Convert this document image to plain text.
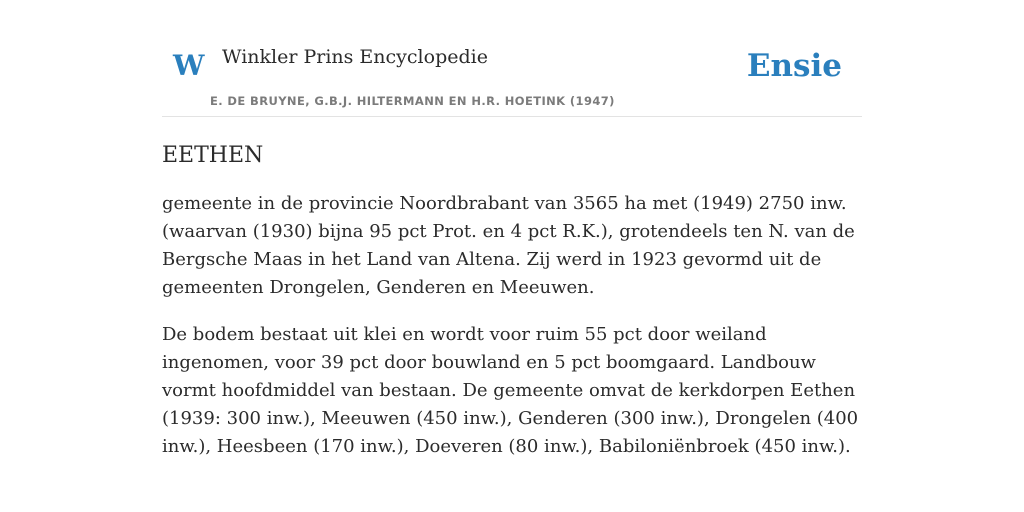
W Winkler Prins Encyclopedie
E. DE BRUYNE, G.B.J. HILTERMANN EN H.R. HOETINK (1947)
Ensie
EETHEN

gemeente in de provincie Noordbrabant van 3565 ha met (1949) 2750 inw. (waarvan (1930) bijna 95 pct Prot. en 4 pct R.K.), grotendeels ten N. van de Bergsche Maas in het Land van Altena. Zij werd in 1923 gevormd uit de gemeenten Drongelen, Genderen en Meeuwen.

De bodem bestaat uit klei en wordt voor ruim 55 pct door weiland ingenomen, voor 39 pct door bouwland en 5 pct boomgaard. Landbouw vormt hoofdmiddel van bestaan. De gemeente omvat de kerkdorpen Eethen (1939: 300 inw.), Meeuwen (450 inw.), Genderen (300 inw.), Drongelen (400 inw.), Heesbeen (170 inw.), Doeveren (80 inw.), Babiloniënbroek (450 inw.).
